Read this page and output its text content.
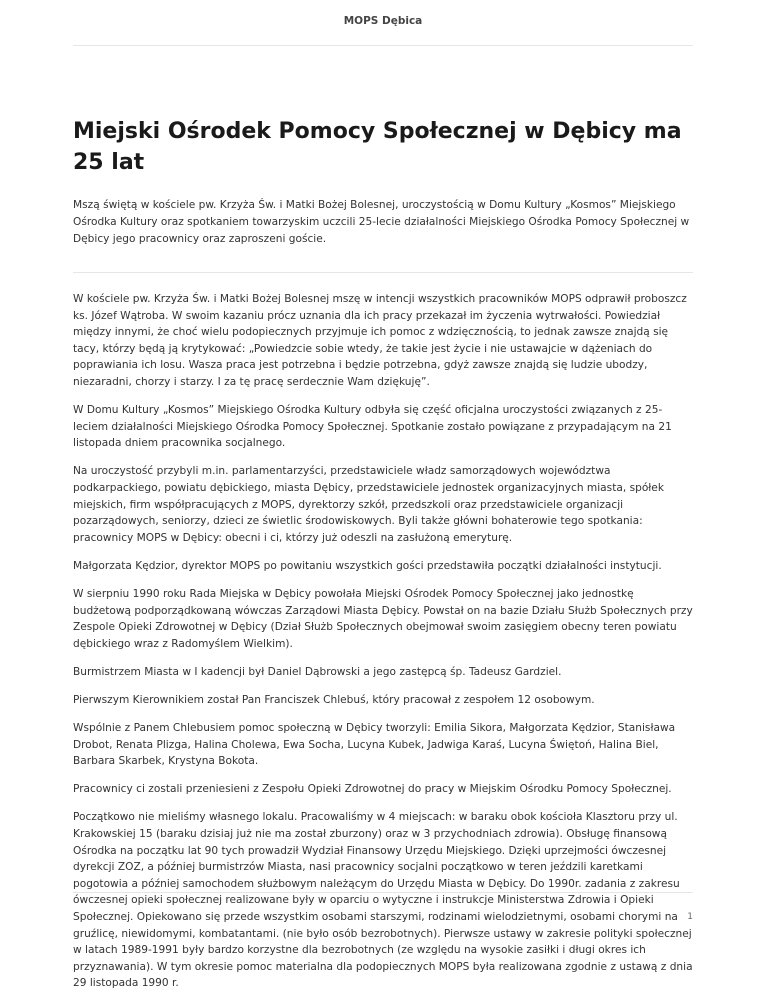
MOPS Dębica
Miejski Ośrodek Pomocy Społecznej w Dębicy ma 25 lat

Mszą świętą w kościele pw. Krzyża Św. i Matki Bożej Bolesnej, uroczystością w Domu Kultury „Kosmos” Miejskiego Ośrodka Kultury oraz spotkaniem towarzyskim uczcili 25-lecie działalności Miejskiego Ośrodka Pomocy Społecznej w Dębicy jego pracownicy oraz zaproszeni goście.

W kościele pw. Krzyża Św. i Matki Bożej Bolesnej mszę w intencji wszystkich pracowników MOPS odprawił proboszcz ks. Józef Wątroba. W swoim kazaniu prócz uznania dla ich pracy przekazał im życzenia wytrwałości. Powiedział między innymi, że choć wielu podopiecznych przyjmuje ich pomoc z wdzięcznością, to jednak zawsze znajdą się tacy, którzy będą ją krytykować: „Powiedzcie sobie wtedy, że takie jest życie i nie ustawajcie w dążeniach do poprawiania ich losu. Wasza praca jest potrzebna i będzie potrzebna, gdyż zawsze znajdą się ludzie ubodzy, niezaradni, chorzy i starzy. I za tę pracę serdecznie Wam dziękuję”.

W Domu Kultury „Kosmos” Miejskiego Ośrodka Kultury odbyła się część oficjalna uroczystości związanych z 25-leciem działalności Miejskiego Ośrodka Pomocy Społecznej. Spotkanie zostało powiązane z przypadającym na 21 listopada dniem pracownika socjalnego.

Na uroczystość przybyli m.in. parlamentarzyści, przedstawiciele władz samorządowych województwa podkarpackiego, powiatu dębickiego, miasta Dębicy, przedstawiciele jednostek organizacyjnych miasta, spółek miejskich, firm współpracujących z MOPS, dyrektorzy szkół, przedszkoli oraz przedstawiciele organizacji pozarządowych, seniorzy, dzieci ze świetlic środowiskowych. Byli także główni bohaterowie tego spotkania: pracownicy MOPS w Dębicy: obecni i ci, którzy już odeszli na zasłużoną emeryturę.

Małgorzata Kędzior, dyrektor MOPS po powitaniu wszystkich gości przedstawiła początki działalności instytucji.

W sierpniu 1990 roku Rada Miejska w Dębicy powołała Miejski Ośrodek Pomocy Społecznej jako jednostkę budżetową podporządkowaną wówczas Zarządowi Miasta Dębicy. Powstał on na bazie Działu Służb Społecznych przy Zespole Opieki Zdrowotnej w Dębicy (Dział Służb Społecznych obejmował swoim zasięgiem obecny teren powiatu dębickiego wraz z Radomyślem Wielkim).

Burmistrzem Miasta w I kadencji był Daniel Dąbrowski a jego zastępcą śp. Tadeusz Gardziel.

Pierwszym Kierownikiem został Pan Franciszek Chlebuś, który pracował z zespołem 12 osobowym.

Wspólnie z Panem Chlebusiem pomoc społeczną w Dębicy tworzyli: Emilia Sikora, Małgorzata Kędzior, Stanisława Drobot, Renata Plizga, Halina Cholewa, Ewa Socha, Lucyna Kubek, Jadwiga Karaś, Lucyna Świętoń, Halina Biel, Barbara Skarbek, Krystyna Bokota.

Pracownicy ci zostali przeniesieni z Zespołu Opieki Zdrowotnej do pracy w Miejskim Ośrodku Pomocy Społecznej.

Początkowo nie mieliśmy własnego lokalu. Pracowaliśmy w 4 miejscach: w baraku obok kościoła Klasztoru przy ul. Krakowskiej 15 (baraku dzisiaj już nie ma został zburzony) oraz w 3 przychodniach zdrowia). Obsługę finansową Ośrodka na początku lat 90 tych prowadził Wydział Finansowy Urzędu Miejskiego. Dzięki uprzejmości ówczesnej dyrekcji ZOZ, a później burmistrzów Miasta, nasi pracownicy socjalni początkowo w teren jeździli karetkami pogotowia a później samochodem służbowym należącym do Urzędu Miasta w Dębicy. Do 1990r. zadania z zakresu ówczesnej opieki społecznej realizowane były w oparciu o wytyczne i instrukcje Ministerstwa Zdrowia i Opieki Społecznej. Opiekowano się przede wszystkim osobami starszymi, rodzinami wielodzietnymi, osobami chorymi na gruźlicę, niewidomymi, kombatantami. (nie było osób bezrobotnych). Pierwsze ustawy w zakresie polityki społecznej w latach 1989-1991 były bardzo korzystne dla bezrobotnych (ze względu na wysokie zasiłki i długi okres ich przyznawania). W tym okresie pomoc materialna dla podopiecznych MOPS była realizowana zgodnie z ustawą z dnia 29 listopada 1990 r.

1
